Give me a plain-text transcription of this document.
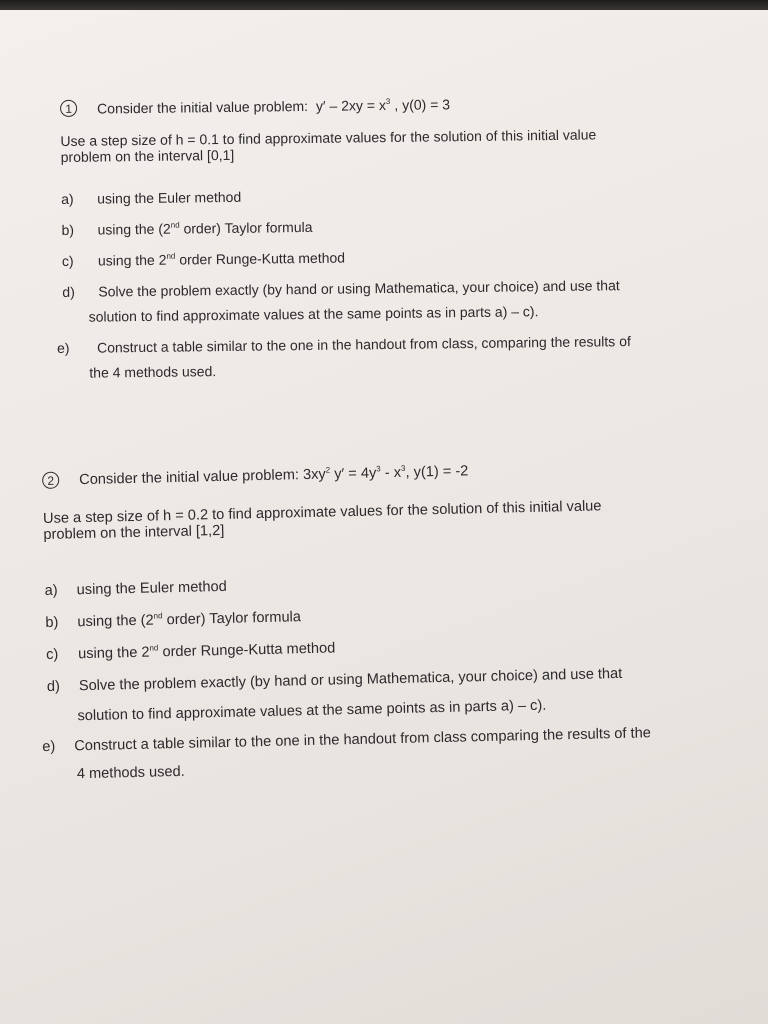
1	Consider the initial value problem: $y' - 2xy = x^3$ , y(0) = 3
Use a step size of h = 0.1 to find approximate values for the solution of this initial value
problem on the interval [0,1]
a)	using the Euler method
b)	using the (2nd order) Taylor formula
c)	using the 2nd order Runge-Kutta method
d)	Solve the problem exactly (by hand or using Mathematica, your choice) and use that
solution to find approximate values at the same points as in parts a) – c).
e)	Construct a table similar to the one in the handout from class, comparing the results of
the 4 methods used.
2	Consider the initial value problem: $3xy^2$ $y' = 4y^3 - x^3$ , y(1) = -2
Use a step size of h = 0.2 to find approximate values for the solution of this initial value
problem on the interval [1,2]
a)	using the Euler method
b)	using the (2nd order) Taylor formula
c)	using the 2nd order Runge-Kutta method
d)	Solve the problem exactly (by hand or using Mathematica, your choice) and use that
solution to find approximate values at the same points as in parts a) – c).
e)	Construct a table similar to the one in the handout from class comparing the results of the
4 methods used.
